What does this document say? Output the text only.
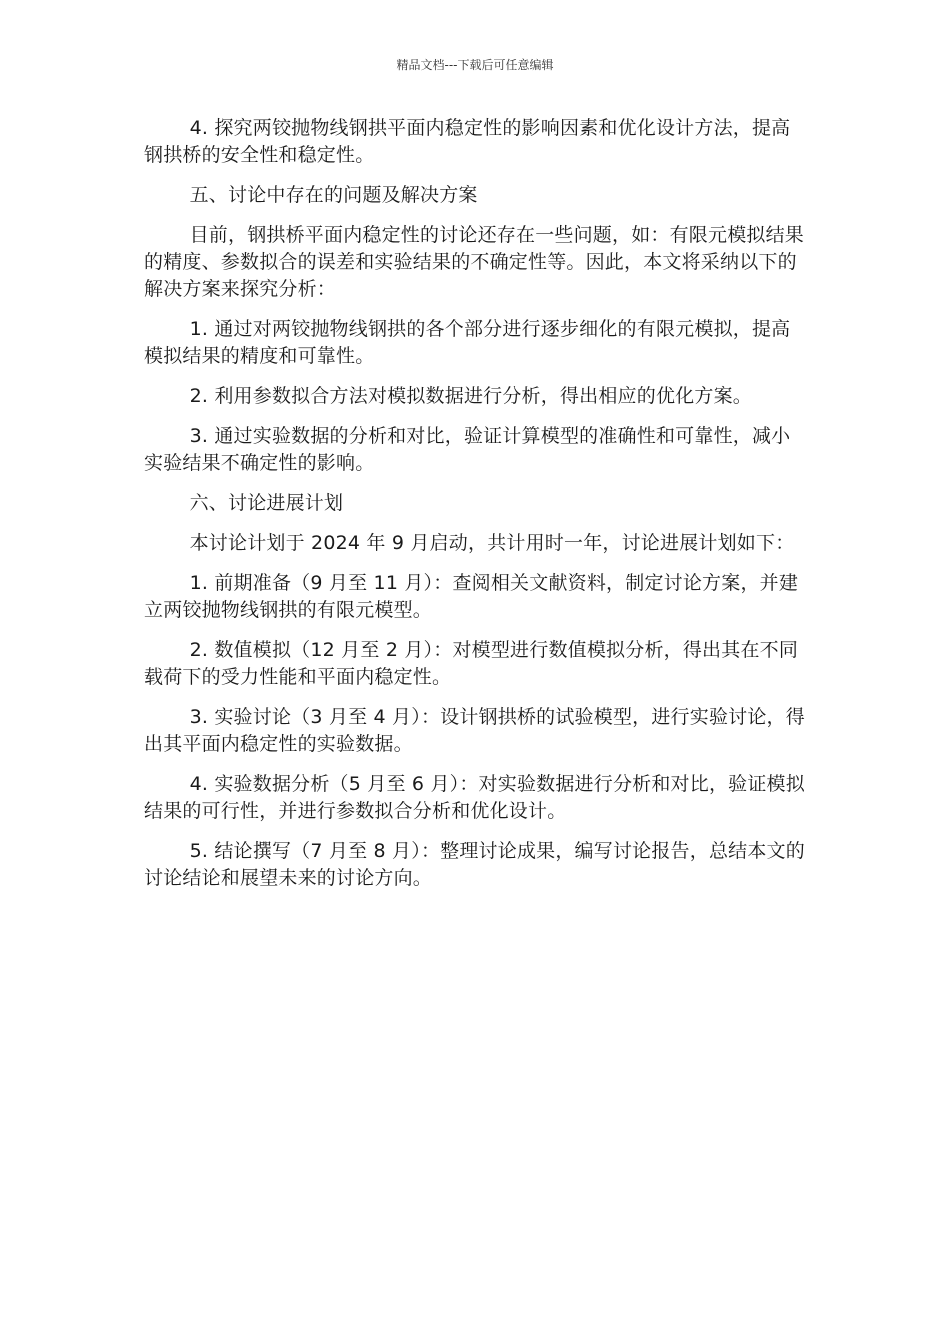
精品文档---下载后可任意编辑

4. 探究两铰抛物线钢拱平面内稳定性的影响因素和优化设计方法，提高钢拱桥的安全性和稳定性。

五、讨论中存在的问题及解决方案

目前，钢拱桥平面内稳定性的讨论还存在一些问题，如：有限元模拟结果的精度、参数拟合的误差和实验结果的不确定性等。因此，本文将采纳以下的解决方案来探究分析：

1. 通过对两铰抛物线钢拱的各个部分进行逐步细化的有限元模拟，提高模拟结果的精度和可靠性。

2. 利用参数拟合方法对模拟数据进行分析，得出相应的优化方案。

3. 通过实验数据的分析和对比，验证计算模型的准确性和可靠性，减小实验结果不确定性的影响。

六、讨论进展计划

本讨论计划于 2024 年 9 月启动，共计用时一年，讨论进展计划如下：

1. 前期准备（9 月至 11 月）：查阅相关文献资料，制定讨论方案，并建立两铰抛物线钢拱的有限元模型。

2. 数值模拟（12 月至 2 月）：对模型进行数值模拟分析，得出其在不同载荷下的受力性能和平面内稳定性。

3. 实验讨论（3 月至 4 月）：设计钢拱桥的试验模型，进行实验讨论，得出其平面内稳定性的实验数据。

4. 实验数据分析（5 月至 6 月）：对实验数据进行分析和对比，验证模拟结果的可行性，并进行参数拟合分析和优化设计。

5. 结论撰写（7 月至 8 月）：整理讨论成果，编写讨论报告，总结本文的讨论结论和展望未来的讨论方向。
